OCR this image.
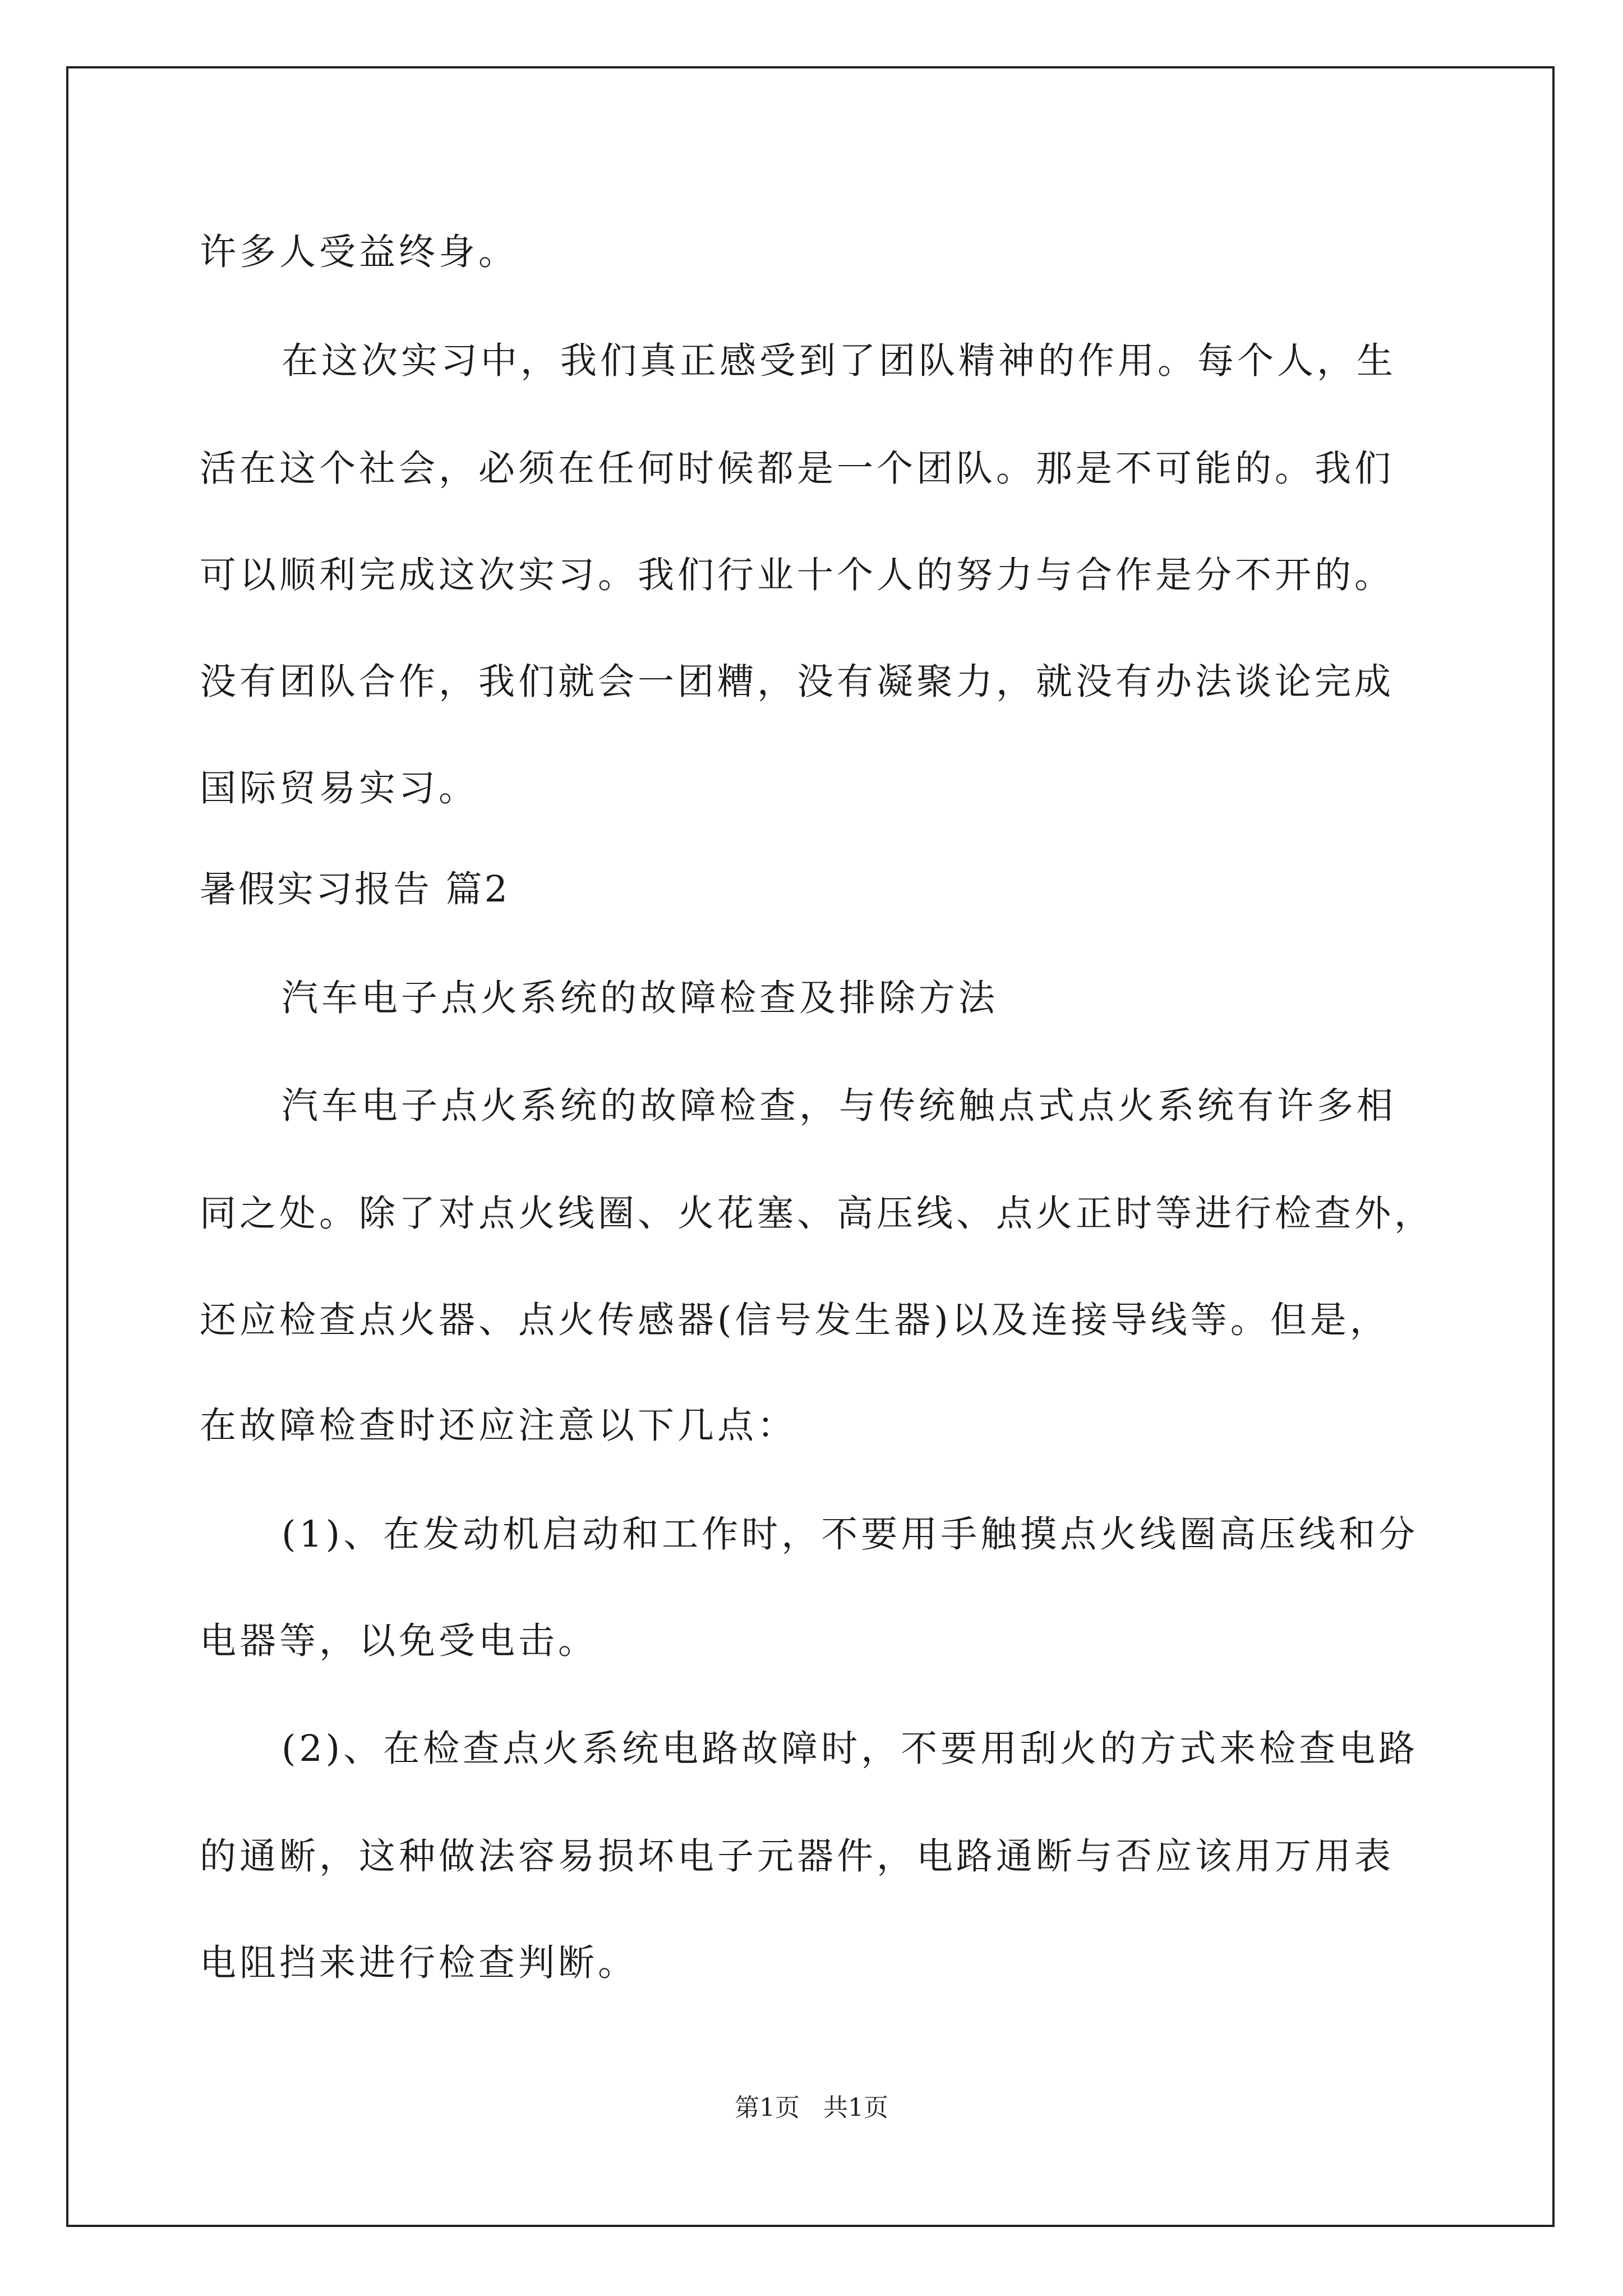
许多人受益终身。
在这次实习中，我们真正感受到了团队精神的作用。每个人，生
活在这个社会，必须在任何时候都是一个团队。那是不可能的。我们
可以顺利完成这次实习。我们行业十个人的努力与合作是分不开的。
没有团队合作，我们就会一团糟，没有凝聚力，就没有办法谈论完成
国际贸易实习。
暑假实习报告 篇2
汽车电子点火系统的故障检查及排除方法
汽车电子点火系统的故障检查，与传统触点式点火系统有许多相
同之处。除了对点火线圈、火花塞、高压线、点火正时等进行检查外，
还应检查点火器、点火传感器(信号发生器)以及连接导线等。但是，
在故障检查时还应注意以下几点：
(1)、在发动机启动和工作时，不要用手触摸点火线圈高压线和分
电器等，以免受电击。
(2)、在检查点火系统电路故障时，不要用刮火的方式来检查电路
的通断，这种做法容易损坏电子元器件，电路通断与否应该用万用表
电阻挡来进行检查判断。
第1页   共1页
